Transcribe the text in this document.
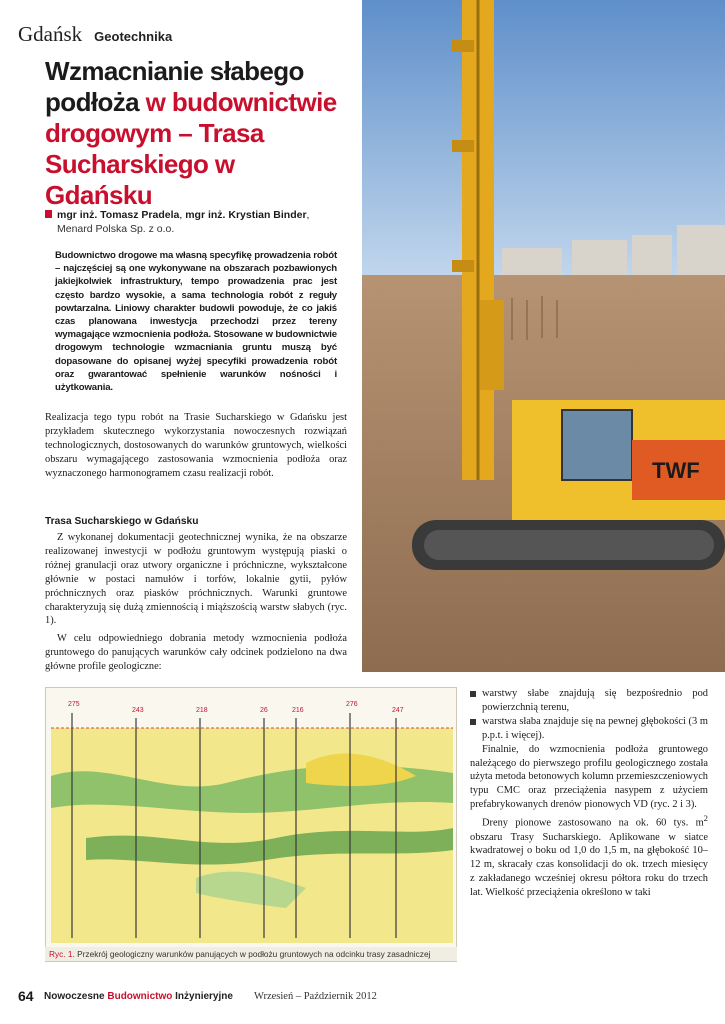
Gdańsk Geotechnika
Wzmacnianie słabego
podłoża w budownictwie
drogowym – Trasa
Sucharskiego w Gdańsku
mgr inż. Tomasz Pradela, mgr inż. Krystian Binder,
Menard Polska Sp. z o.o.

Budownictwo drogowe ma własną specyfikę prowadzenia robót – najczęściej są one wykonywane na obszarach pozbawionych jakiejkolwiek infrastruktury, tempo prowadzenia prac jest często bardzo wysokie, a sama technologia robót z reguły powtarzalna. Liniowy charakter budowli powoduje, że co jakiś czas planowana inwestycja przechodzi przez tereny wymagające wzmocnienia podłoża. Stosowane w budownictwie drogowym technologie wzmacniania gruntu muszą być dopasowane do opisanej wyżej specyfiki prowadzenia robót oraz gwarantować spełnienie warunków nośności i użytkowania.

Realizacja tego typu robót na Trasie Sucharskiego w Gdańsku jest przykładem skutecznego wykorzystania nowoczesnych rozwiązań technologicznych, dostosowanych do warunków gruntowych, wielkości obszaru wymagającego zastosowania wzmocnienia podłoża oraz wyznaczonego harmonogramem czasu realizacji robót.

Trasa Sucharskiego w Gdańsku

Z wykonanej dokumentacji geotechnicznej wynika, że na obszarze realizowanej inwestycji w podłożu gruntowym występują piaski o różnej granulacji oraz utwory organiczne i próchniczne, wykształcone głównie w postaci namułów i torfów, lokalnie gytii, pyłów próchnicznych oraz piasków próchnicznych. Warunki gruntowe charakteryzują się dużą zmiennością i miąższością warstw słabych (ryc. 1).

W celu odpowiedniego dobrania metody wzmocnienia podłoża gruntowego do panujących warunków cały odcinek podzielono na dwa główne profile geologiczne:

TWF
275
243	218	26	216
276
247
Ryc. 1. Przekrój geologiczny warunków panujących w podłożu gruntowych na odcinku trasy zasadniczej
warstwy słabe znajdują się bezpośrednio pod powierzchnią terenu,
warstwa słaba znajduje się na pewnej głębokości (3 m p.p.t. i więcej).

Finalnie, do wzmocnienia podłoża gruntowego należącego do pierwszego profilu geologicznego została użyta metoda betonowych kolumn przemieszczeniowych typu CMC oraz przeciążenia nasypem z użyciem prefabrykowanych drenów pionowych VD (ryc. 2 i 3).

Dreny pionowe zastosowano na ok. 60 tys. $m^2$ obszaru Trasy Sucharskiego. Aplikowane w siatce kwadratowej o boku od 1,0 do 1,5 m, na głębokość 10–12 m, skracały czas konsolidacji do ok. trzech miesięcy z zakładanego wcześniej okresu półtora roku do trzech lat. Wielkość przeciążenia określono w taki

64 Nowoczesne Budownictwo Inżynieryjne Wrzesień – Październik 2012
